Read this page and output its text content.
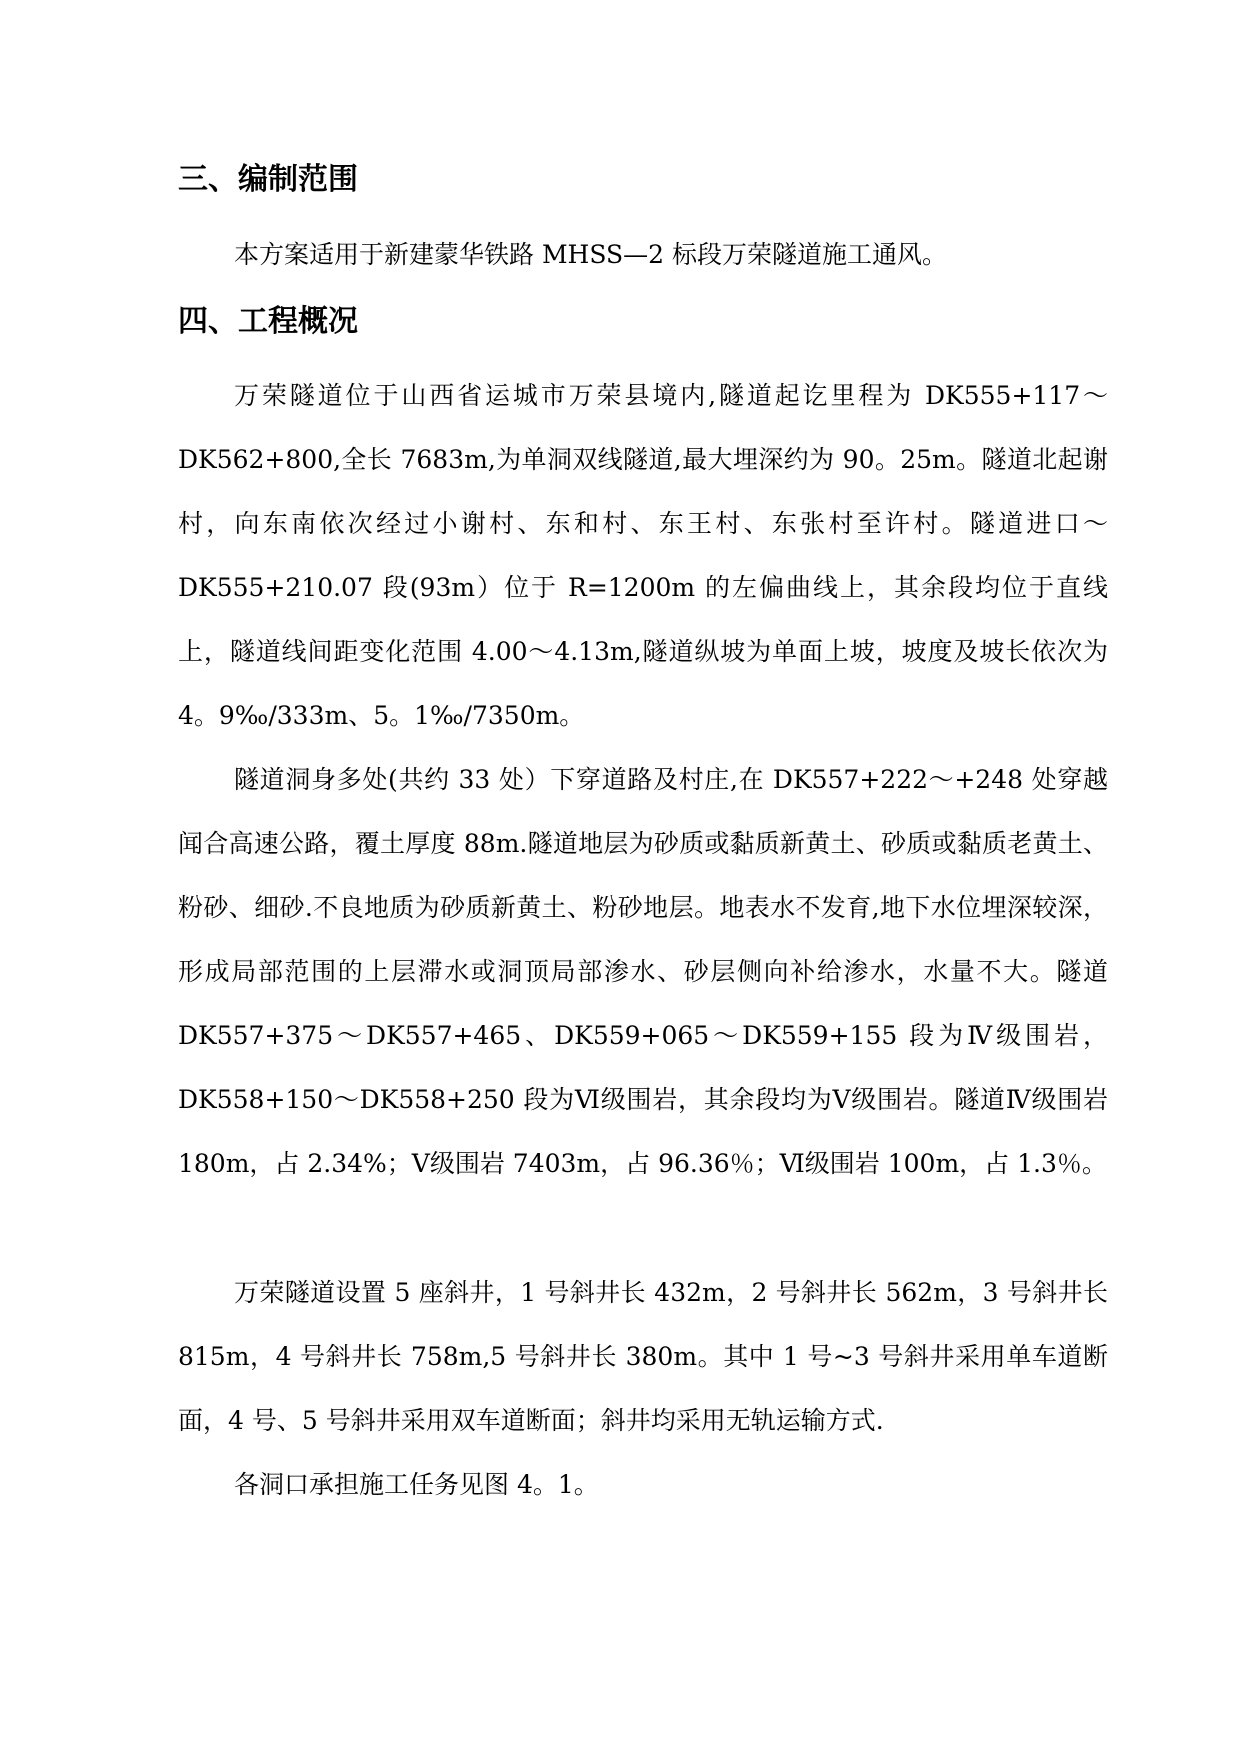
三、编制范围

本方案适用于新建蒙华铁路 MHSS—2 标段万荣隧道施工通风。

四、工程概况

万荣隧道位于山西省运城市万荣县境内,隧道起讫里程为 DK555+117～DK562+800,全长 7683m,为单洞双线隧道,最大埋深约为 90。25m。隧道北起谢村，向东南依次经过小谢村、东和村、东王村、东张村至许村。隧道进口～DK555+210.07 段(93m）位于 R=1200m 的左偏曲线上，其余段均位于直线上，隧道线间距变化范围 4.00～4.13m,隧道纵坡为单面上坡，坡度及坡长依次为 4。9‰/333m、5。1‰/7350m。

隧道洞身多处(共约 33 处）下穿道路及村庄,在 DK557+222～+248 处穿越闻合高速公路，覆土厚度 88m.隧道地层为砂质或黏质新黄土、砂质或黏质老黄土、粉砂、细砂.不良地质为砂质新黄土、粉砂地层。地表水不发育,地下水位埋深较深，形成局部范围的上层滞水或洞顶局部渗水、砂层侧向补给渗水，水量不大。隧道 DK557+375～DK557+465、DK559+065～DK559+155 段为Ⅳ级围岩，DK558+150～DK558+250 段为Ⅵ级围岩，其余段均为Ⅴ级围岩。隧道Ⅳ级围岩 180m，占 2.34%；Ⅴ级围岩 7403m，占 96.36％；Ⅵ级围岩 100m，占 1.3％。

万荣隧道设置 5 座斜井，1 号斜井长 432m，2 号斜井长 562m，3 号斜井长 815m，4 号斜井长 758m,5 号斜井长 380m。其中 1 号~3 号斜井采用单车道断面，4 号、5 号斜井采用双车道断面；斜井均采用无轨运输方式.

各洞口承担施工任务见图 4。1。
